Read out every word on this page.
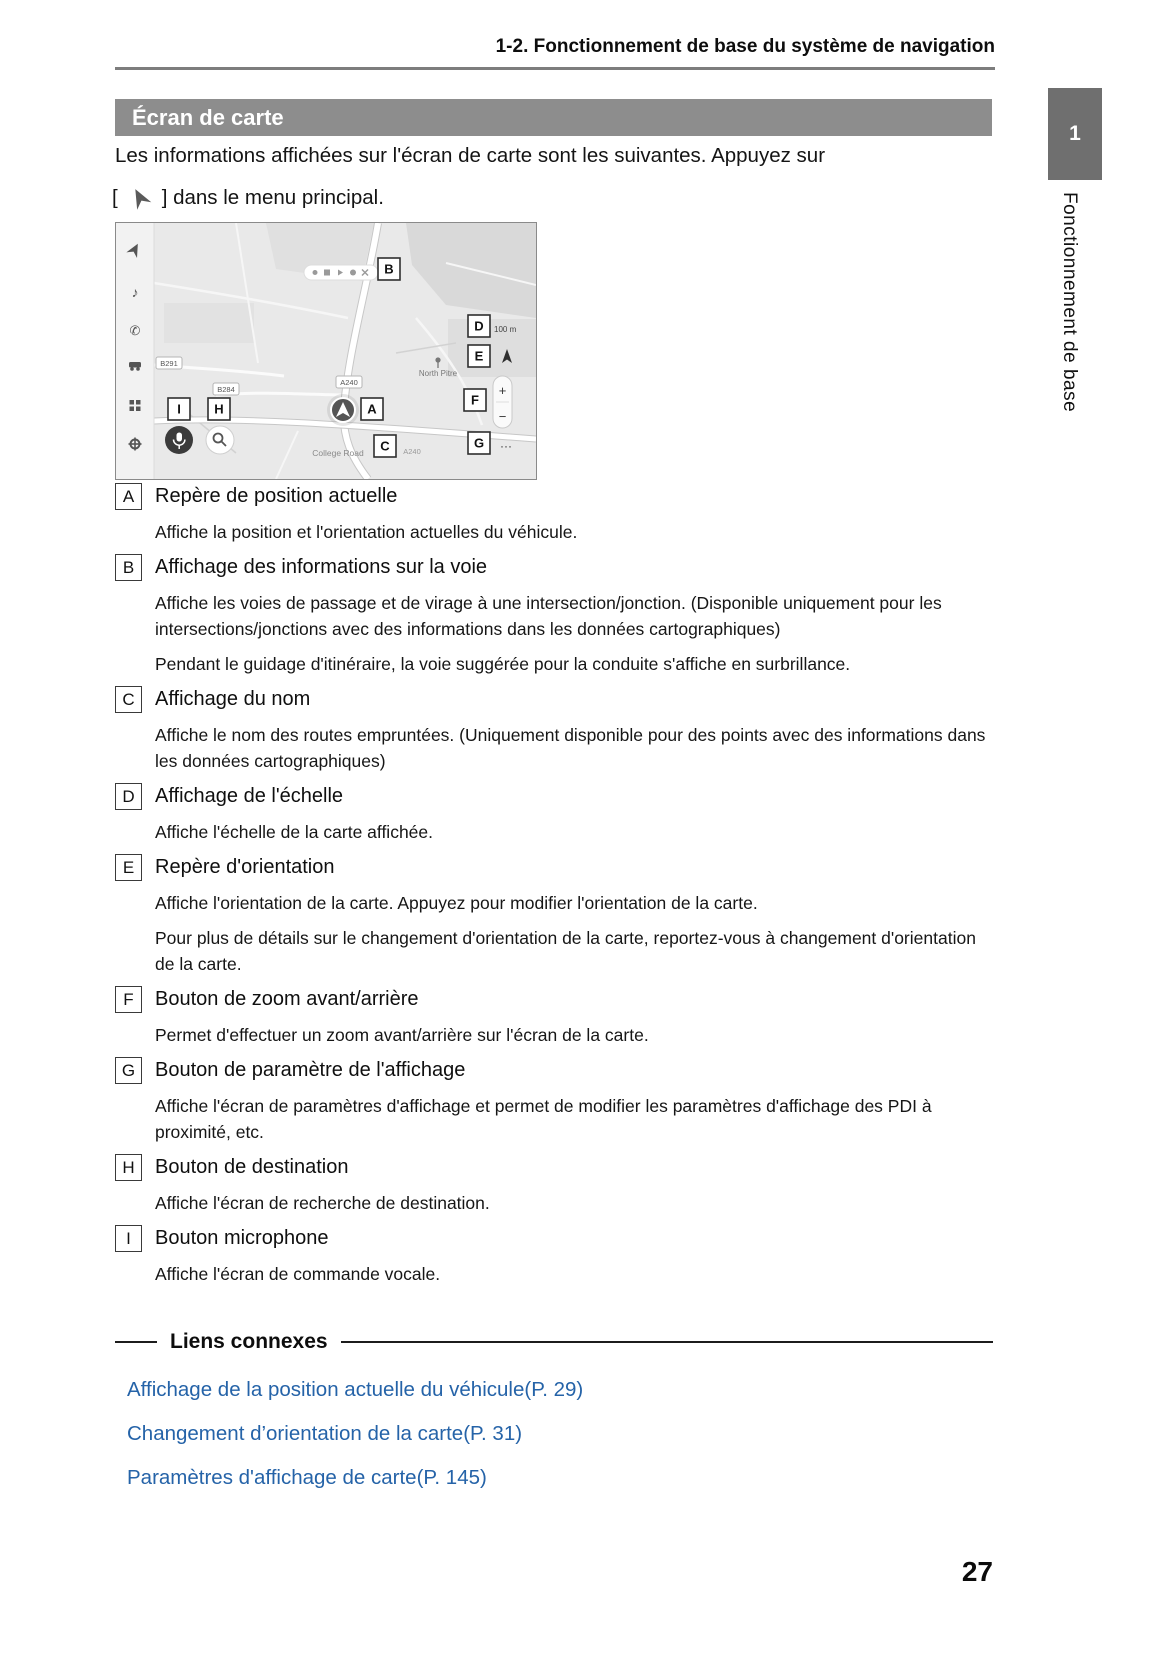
1-2. Fonctionnement de base du système de navigation
1
Fonctionnement de base
Écran de carte

Les informations affichées sur l'écran de carte sont les suivantes. Appuyez sur

[ ] dans le menu principal.

B291
B284
A240
College Road	A240
North Pitre
♪
✆	100 m
+
−
···
I	H
B
A
C
D
E
F
G
A	Repère de position actuelle

Affiche la position et l'orientation actuelles du véhicule.

B	Affichage des informations sur la voie

Affiche les voies de passage et de virage à une intersection/jonction. (Disponible uniquement pour les intersections/jonctions avec des informations dans les données cartographiques)

Pendant le guidage d'itinéraire, la voie suggérée pour la conduite s'affiche en surbrillance.

C	Affichage du nom

Affiche le nom des routes empruntées. (Uniquement disponible pour des points avec des informations dans les données cartographiques)

D	Affichage de l'échelle

Affiche l'échelle de la carte affichée.

E	Repère d'orientation

Affiche l'orientation de la carte. Appuyez pour modifier l'orientation de la carte.

Pour plus de détails sur le changement d'orientation de la carte, reportez-vous à changement d'orientation de la carte.

F	Bouton de zoom avant/arrière

Permet d'effectuer un zoom avant/arrière sur l'écran de la carte.

G Bouton de paramètre de l'affichage

Affiche l'écran de paramètres d'affichage et permet de modifier les paramètres d'affichage des PDI à proximité, etc.

H	Bouton de destination

Affiche l'écran de recherche de destination.

I	Bouton microphone

Affiche l'écran de commande vocale.

Liens connexes
Affichage de la position actuelle du véhicule(P. 29)
Changement d’orientation de la carte(P. 31)
Paramètres d'affichage de carte(P. 145)
27
